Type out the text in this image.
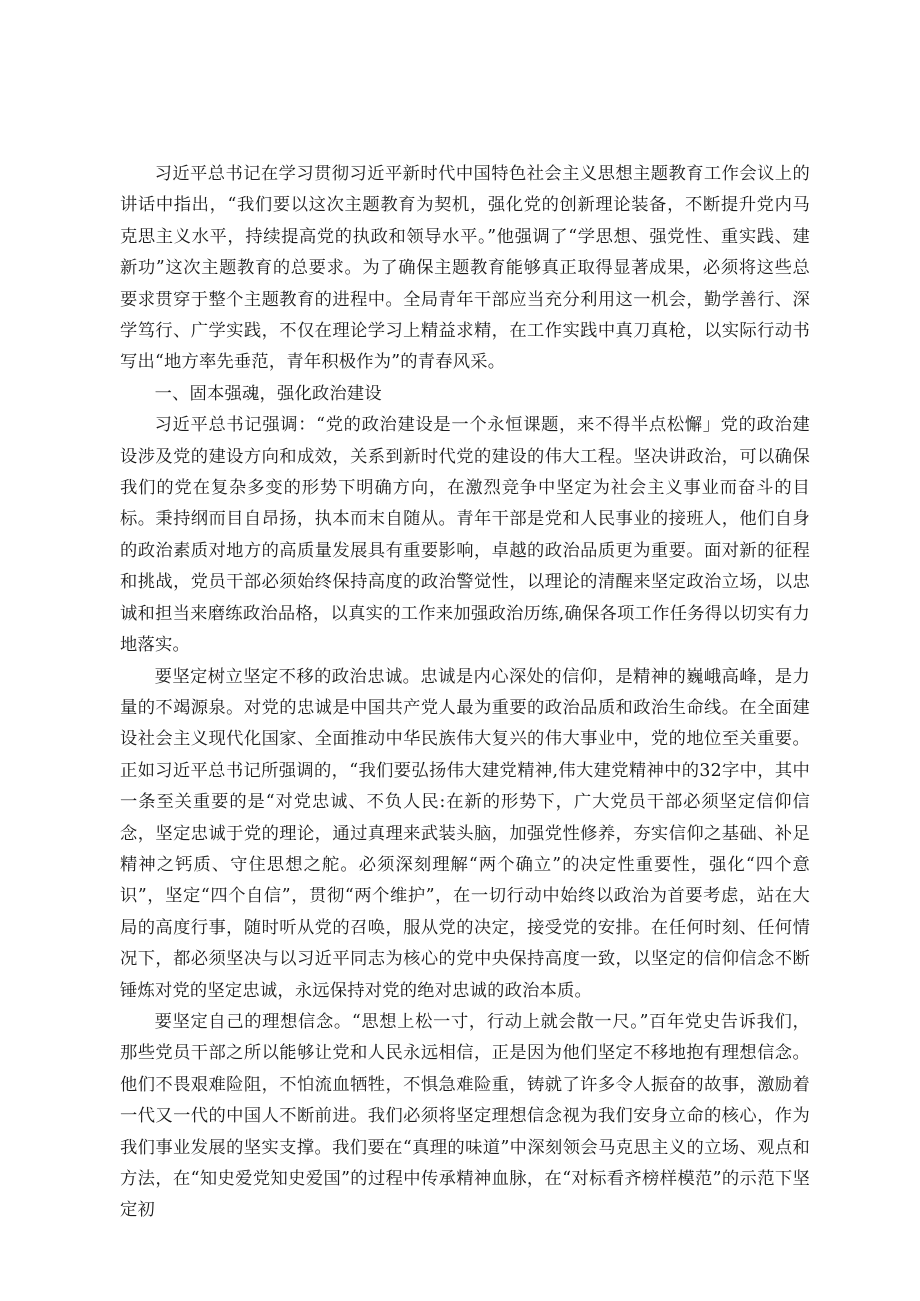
习近平总书记在学习贯彻习近平新时代中国特色社会主义思想主题教育工作会议上的讲话中指出，“我们要以这次主题教育为契机，强化党的创新理论装备，不断提升党内马克思主义水平，持续提高党的执政和领导水平。”他强调了“学思想、强党性、重实践、建新功”这次主题教育的总要求。为了确保主题教育能够真正取得显著成果，必须将这些总要求贯穿于整个主题教育的进程中。全局青年干部应当充分利用这一机会，勤学善行、深学笃行、广学实践，不仅在理论学习上精益求精，在工作实践中真刀真枪，以实际行动书写出“地方率先垂范，青年积极作为”的青春风采。

一、固本强魂，强化政治建设

习近平总书记强调：“党的政治建设是一个永恒课题，来不得半点松懈」党的政治建设涉及党的建设方向和成效，关系到新时代党的建设的伟大工程。坚决讲政治，可以确保我们的党在复杂多变的形势下明确方向，在激烈竞争中坚定为社会主义事业而奋斗的目标。秉持纲而目自昂扬，执本而末自随从。青年干部是党和人民事业的接班人，他们自身的政治素质对地方的高质量发展具有重要影响，卓越的政治品质更为重要。面对新的征程和挑战，党员干部必须始终保持高度的政治警觉性，以理论的清醒来坚定政治立场，以忠诚和担当来磨练政治品格，以真实的工作来加强政治历练,确保各项工作任务得以切实有力地落实。

要坚定树立坚定不移的政治忠诚。忠诚是内心深处的信仰，是精神的巍峨高峰，是力量的不竭源泉。对党的忠诚是中国共产党人最为重要的政治品质和政治生命线。在全面建设社会主义现代化国家、全面推动中华民族伟大复兴的伟大事业中，党的地位至关重要。正如习近平总书记所强调的，“我们要弘扬伟大建党精神,伟大建党精神中的32字中，其中一条至关重要的是“对党忠诚、不负人民:在新的形势下，广大党员干部必须坚定信仰信念，坚定忠诚于党的理论，通过真理来武装头脑，加强党性修养，夯实信仰之基础、补足精神之钙质、守住思想之舵。必须深刻理解“两个确立”的决定性重要性，强化“四个意识”，坚定“四个自信”，贯彻“两个维护”，在一切行动中始终以政治为首要考虑，站在大局的高度行事，随时听从党的召唤，服从党的决定，接受党的安排。在任何时刻、任何情况下，都必须坚决与以习近平同志为核心的党中央保持高度一致，以坚定的信仰信念不断锤炼对党的坚定忠诚，永远保持对党的绝对忠诚的政治本质。

要坚定自己的理想信念。“思想上松一寸，行动上就会散一尺。”百年党史告诉我们，那些党员干部之所以能够让党和人民永远相信，正是因为他们坚定不移地抱有理想信念。他们不畏艰难险阻，不怕流血牺牲，不惧急难险重，铸就了许多令人振奋的故事，激励着一代又一代的中国人不断前进。我们必须将坚定理想信念视为我们安身立命的核心，作为我们事业发展的坚实支撑。我们要在“真理的味道”中深刻领会马克思主义的立场、观点和方法，在“知史爱党知史爱国”的过程中传承精神血脉，在“对标看齐榜样模范”的示范下坚定初
